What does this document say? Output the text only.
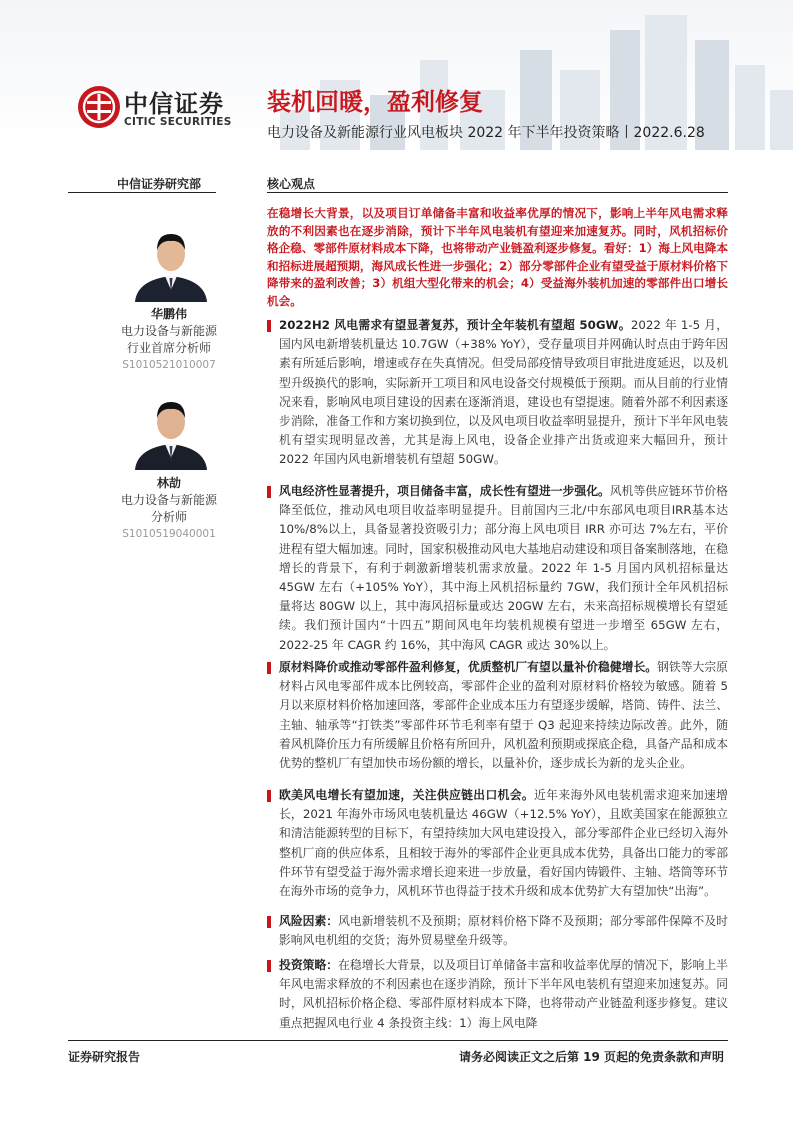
中信证券
CITIC SECURITIES
装机回暖，盈利修复
电力设备及新能源行业风电板块 2022 年下半年投资策略丨2022.6.28
中信证券研究部	核心观点
在稳增长大背景，以及项目订单储备丰富和收益率优厚的情况下，影响上半年风电需求释放的不利因素也在逐步消除，预计下半年风电装机有望迎来加速复苏。同时，风机招标价格企稳、零部件原材料成本下降，也将带动产业链盈利逐步修复。看好：1）海上风电降本和招标进展超预期，海风成长性进一步强化；2）部分零部件企业有望受益于原材料价格下降带来的盈利改善；3）机组大型化带来的机会；4）受益海外装机加速的零部件出口增长机会。
华鹏伟
电力设备与新能源
行业首席分析师
S1010521010007
林劼
电力设备与新能源
分析师
S1010519040001

2022H2 风电需求有望显著复苏，预计全年装机有望超 50GW。2022 年 1-5 月，国内风电新增装机量达 10.7GW（+38% YoY），受存量项目并网确认时点由于跨年因素有所延后影响，增速或存在失真情况。但受局部疫情导致项目审批进度延迟，以及机型升级换代的影响，实际新开工项目和风电设备交付规模低于预期。而从目前的行业情况来看，影响风电项目建设的因素在逐渐消退，建设也有望提速。随着外部不利因素逐步消除，准备工作和方案切换到位，以及风电项目收益率明显提升，预计下半年风电装机有望实现明显改善，尤其是海上风电，设备企业排产出货或迎来大幅回升，预计 2022 年国内风电新增装机有望超 50GW。

风电经济性显著提升，项目储备丰富，成长性有望进一步强化。风机等供应链环节价格降至低位，推动风电项目收益率明显提升。目前国内三北/中东部风电项目IRR基本达 10%/8%以上，具备显著投资吸引力；部分海上风电项目 IRR 亦可达 7%左右，平价进程有望大幅加速。同时，国家积极推动风电大基地启动建设和项目备案制落地，在稳增长的背景下，有利于刺激新增装机需求放量。2022 年 1-5 月国内风机招标量达 45GW 左右（+105% YoY），其中海上风机招标量约 7GW，我们预计全年风机招标量将达 80GW 以上，其中海风招标量或达 20GW 左右，未来高招标规模增长有望延续。我们预计国内“十四五”期间风电年均装机规模有望进一步增至 65GW 左右，2022-25 年 CAGR 约 16%，其中海风 CAGR 或达 30%以上。

原材料降价或推动零部件盈利修复，优质整机厂有望以量补价稳健增长。钢铁等大宗原材料占风电零部件成本比例较高，零部件企业的盈利对原材料价格较为敏感。随着 5 月以来原材料价格加速回落，零部件企业成本压力有望逐步缓解，塔筒、铸件、法兰、主轴、轴承等“打铁类”零部件环节毛利率有望于 Q3 起迎来持续边际改善。此外，随着风机降价压力有所缓解且价格有所回升，风机盈利预期或探底企稳，具备产品和成本优势的整机厂有望加快市场份额的增长，以量补价，逐步成长为新的龙头企业。

欧美风电增长有望加速，关注供应链出口机会。近年来海外风电装机需求迎来加速增长，2021 年海外市场风电装机量达 46GW（+12.5% YoY），且欧美国家在能源独立和清洁能源转型的目标下，有望持续加大风电建设投入，部分零部件企业已经切入海外整机厂商的供应体系，且相较于海外的零部件企业更具成本优势，具备出口能力的零部件环节有望受益于海外需求增长迎来进一步放量，看好国内铸锻件、主轴、塔筒等环节在海外市场的竞争力，风机环节也得益于技术升级和成本优势扩大有望加快“出海”。

风险因素：风电新增装机不及预期；原材料价格下降不及预期；部分零部件保障不及时影响风电机组的交货；海外贸易壁垒升级等。

投资策略：在稳增长大背景，以及项目订单储备丰富和收益率优厚的情况下，影响上半年风电需求释放的不利因素也在逐步消除，预计下半年风电装机有望迎来加速复苏。同时，风机招标价格企稳、零部件原材料成本下降，也将带动产业链盈利逐步修复。建议重点把握风电行业 4 条投资主线：1）海上风电降

证券研究报告	请务必阅读正文之后第 19 页起的免责条款和声明
